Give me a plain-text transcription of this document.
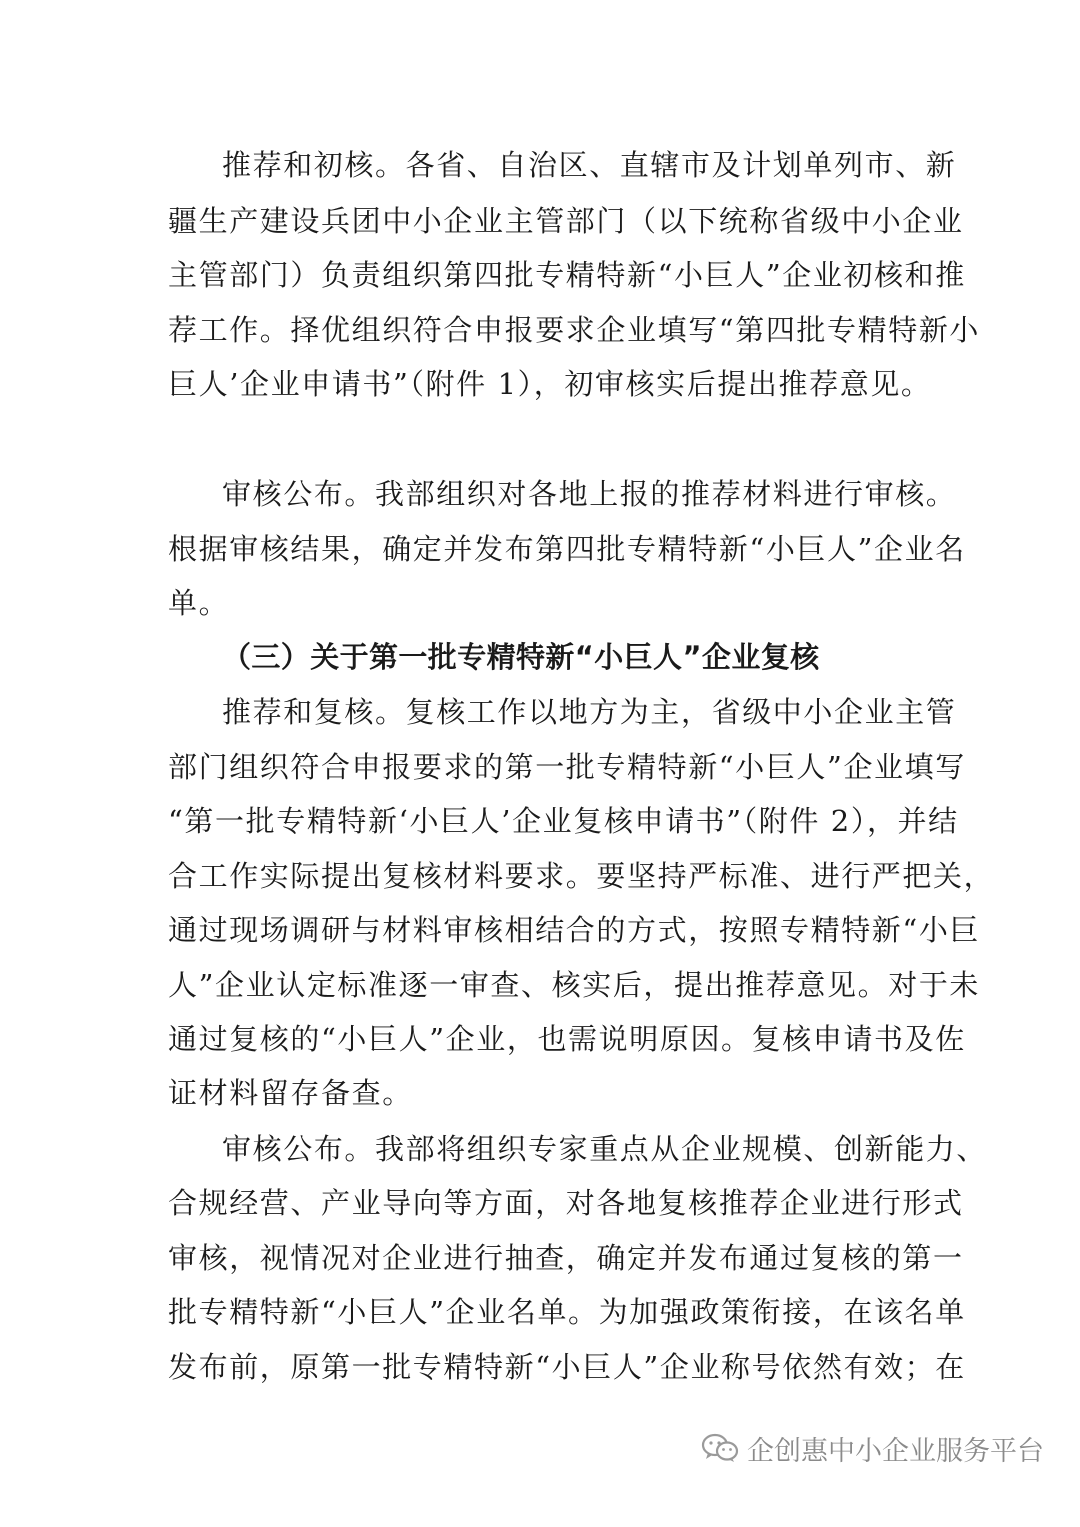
推荐和初核。各省、自治区、直辖市及计划单列市、新
疆生产建设兵团中小企业主管部门（以下统称省级中小企业
主管部门）负责组织第四批专精特新“小巨人”企业初核和推
荐工作。择优组织符合申报要求企业填写“第四批专精特新小
巨人’企业申请书”（附件 1），初审核实后提出推荐意见。
审核公布。我部组织对各地上报的推荐材料进行审核。
根据审核结果，确定并发布第四批专精特新“小巨人”企业名
单。
（三）关于第一批专精特新“小巨人”企业复核
推荐和复核。复核工作以地方为主，省级中小企业主管
部门组织符合申报要求的第一批专精特新“小巨人”企业填写
“第一批专精特新‘小巨人’企业复核申请书”（附件 2），并结
合工作实际提出复核材料要求。要坚持严标准、进行严把关，
通过现场调研与材料审核相结合的方式，按照专精特新“小巨
人”企业认定标准逐一审查、核实后，提出推荐意见。对于未
通过复核的“小巨人”企业，也需说明原因。复核申请书及佐
证材料留存备查。
审核公布。我部将组织专家重点从企业规模、创新能力、
合规经营、产业导向等方面，对各地复核推荐企业进行形式
审核，视情况对企业进行抽查，确定并发布通过复核的第一
批专精特新“小巨人”企业名单。为加强政策衔接，在该名单
发布前，原第一批专精特新“小巨人”企业称号依然有效；在
企创惠中小企业服务平台
